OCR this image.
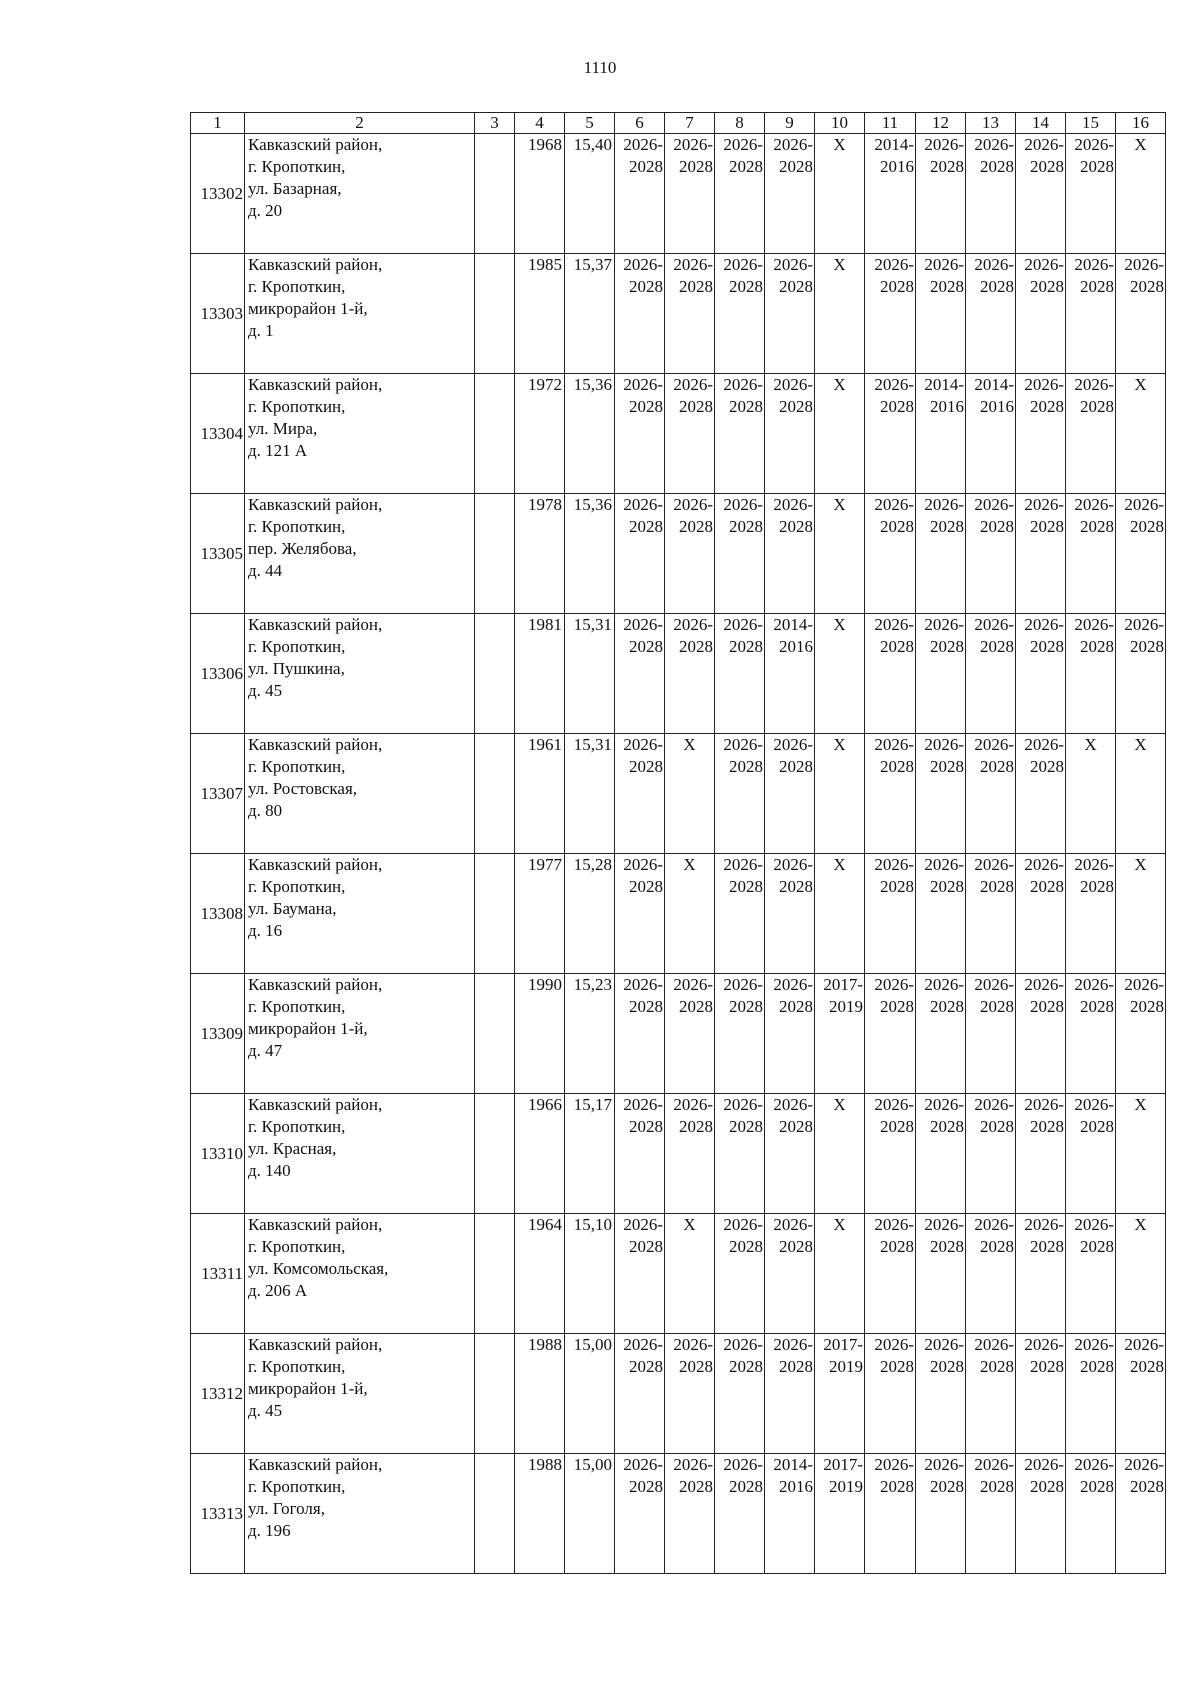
1110
1	2	3	4	5	6	7	8	9	10	11	12	13	14	15	16
13302	Кавказский район,
г. Кропоткин,
ул. Базарная,
д. 20		1968	15,40	2026-
2028	2026-
2028	2026-
2028	2026-
2028	X	2014-
2016	2026-
2028	2026-
2028	2026-
2028	2026-
2028	X
13303	Кавказский район,
г. Кропоткин,
микрорайон 1-й,
д. 1		1985	15,37	2026-
2028	2026-
2028	2026-
2028	2026-
2028	X	2026-
2028	2026-
2028	2026-
2028	2026-
2028	2026-
2028	2026-
2028

13304	Кавказский район,
г. Кропоткин,
ул. Мира,
д. 121 А		1972	15,36	2026-
2028	2026-
2028	2026-
2028	2026-
2028	X	2026-
2028	2014-
2016	2014-
2016	2026-
2028	2026-
2028	X
13305	Кавказский район,
г. Кропоткин,
пер. Желябова,
д. 44		1978	15,36	2026-
2028	2026-
2028	2026-
2028	2026-
2028	X	2026-
2028	2026-
2028	2026-
2028	2026-
2028	2026-
2028	2026-
2028

13306	Кавказский район,
г. Кропоткин,
ул. Пушкина,
д. 45		1981	15,31	2026-
2028	2026-
2028	2026-
2028	2014-
2016	X	2026-
2028	2026-
2028	2026-
2028	2026-
2028	2026-
2028	2026-
2028

13307	Кавказский район,
г. Кропоткин,
ул. Ростовская,
д. 80		1961	15,31	2026-
2028	X	2026-
2028	2026-
2028	X	2026-
2028	2026-
2028	2026-
2028	2026-
2028	X	X
13308	Кавказский район,
г. Кропоткин,
ул. Баумана,
д. 16		1977	15,28	2026-
2028	X	2026-
2028	2026-
2028	X	2026-
2028	2026-
2028	2026-
2028	2026-
2028	2026-
2028	X
13309	Кавказский район,
г. Кропоткин,
микрорайон 1-й,
д. 47		1990	15,23	2026-
2028	2026-
2028	2026-
2028	2026-
2028	2017-
2019	2026-
2028	2026-
2028	2026-
2028	2026-
2028	2026-
2028	2026-
2028

13310	Кавказский район,
г. Кропоткин,
ул. Красная,
д. 140		1966	15,17	2026-
2028	2026-
2028	2026-
2028	2026-
2028	X	2026-
2028	2026-
2028	2026-
2028	2026-
2028	2026-
2028	X
13311	Кавказский район,
г. Кропоткин,
ул. Комсомольская,
д. 206 А		1964	15,10	2026-
2028	X	2026-
2028	2026-
2028	X	2026-
2028	2026-
2028	2026-
2028	2026-
2028	2026-
2028	X
13312	Кавказский район,
г. Кропоткин,
микрорайон 1-й,
д. 45		1988	15,00	2026-
2028	2026-
2028	2026-
2028	2026-
2028	2017-
2019	2026-
2028	2026-
2028	2026-
2028	2026-
2028	2026-
2028	2026-
2028

13313	Кавказский район,
г. Кропоткин,
ул. Гоголя,
д. 196		1988	15,00	2026-
2028	2026-
2028	2026-
2028	2014-
2016	2017-
2019	2026-
2028	2026-
2028	2026-
2028	2026-
2028	2026-
2028	2026-
2028
